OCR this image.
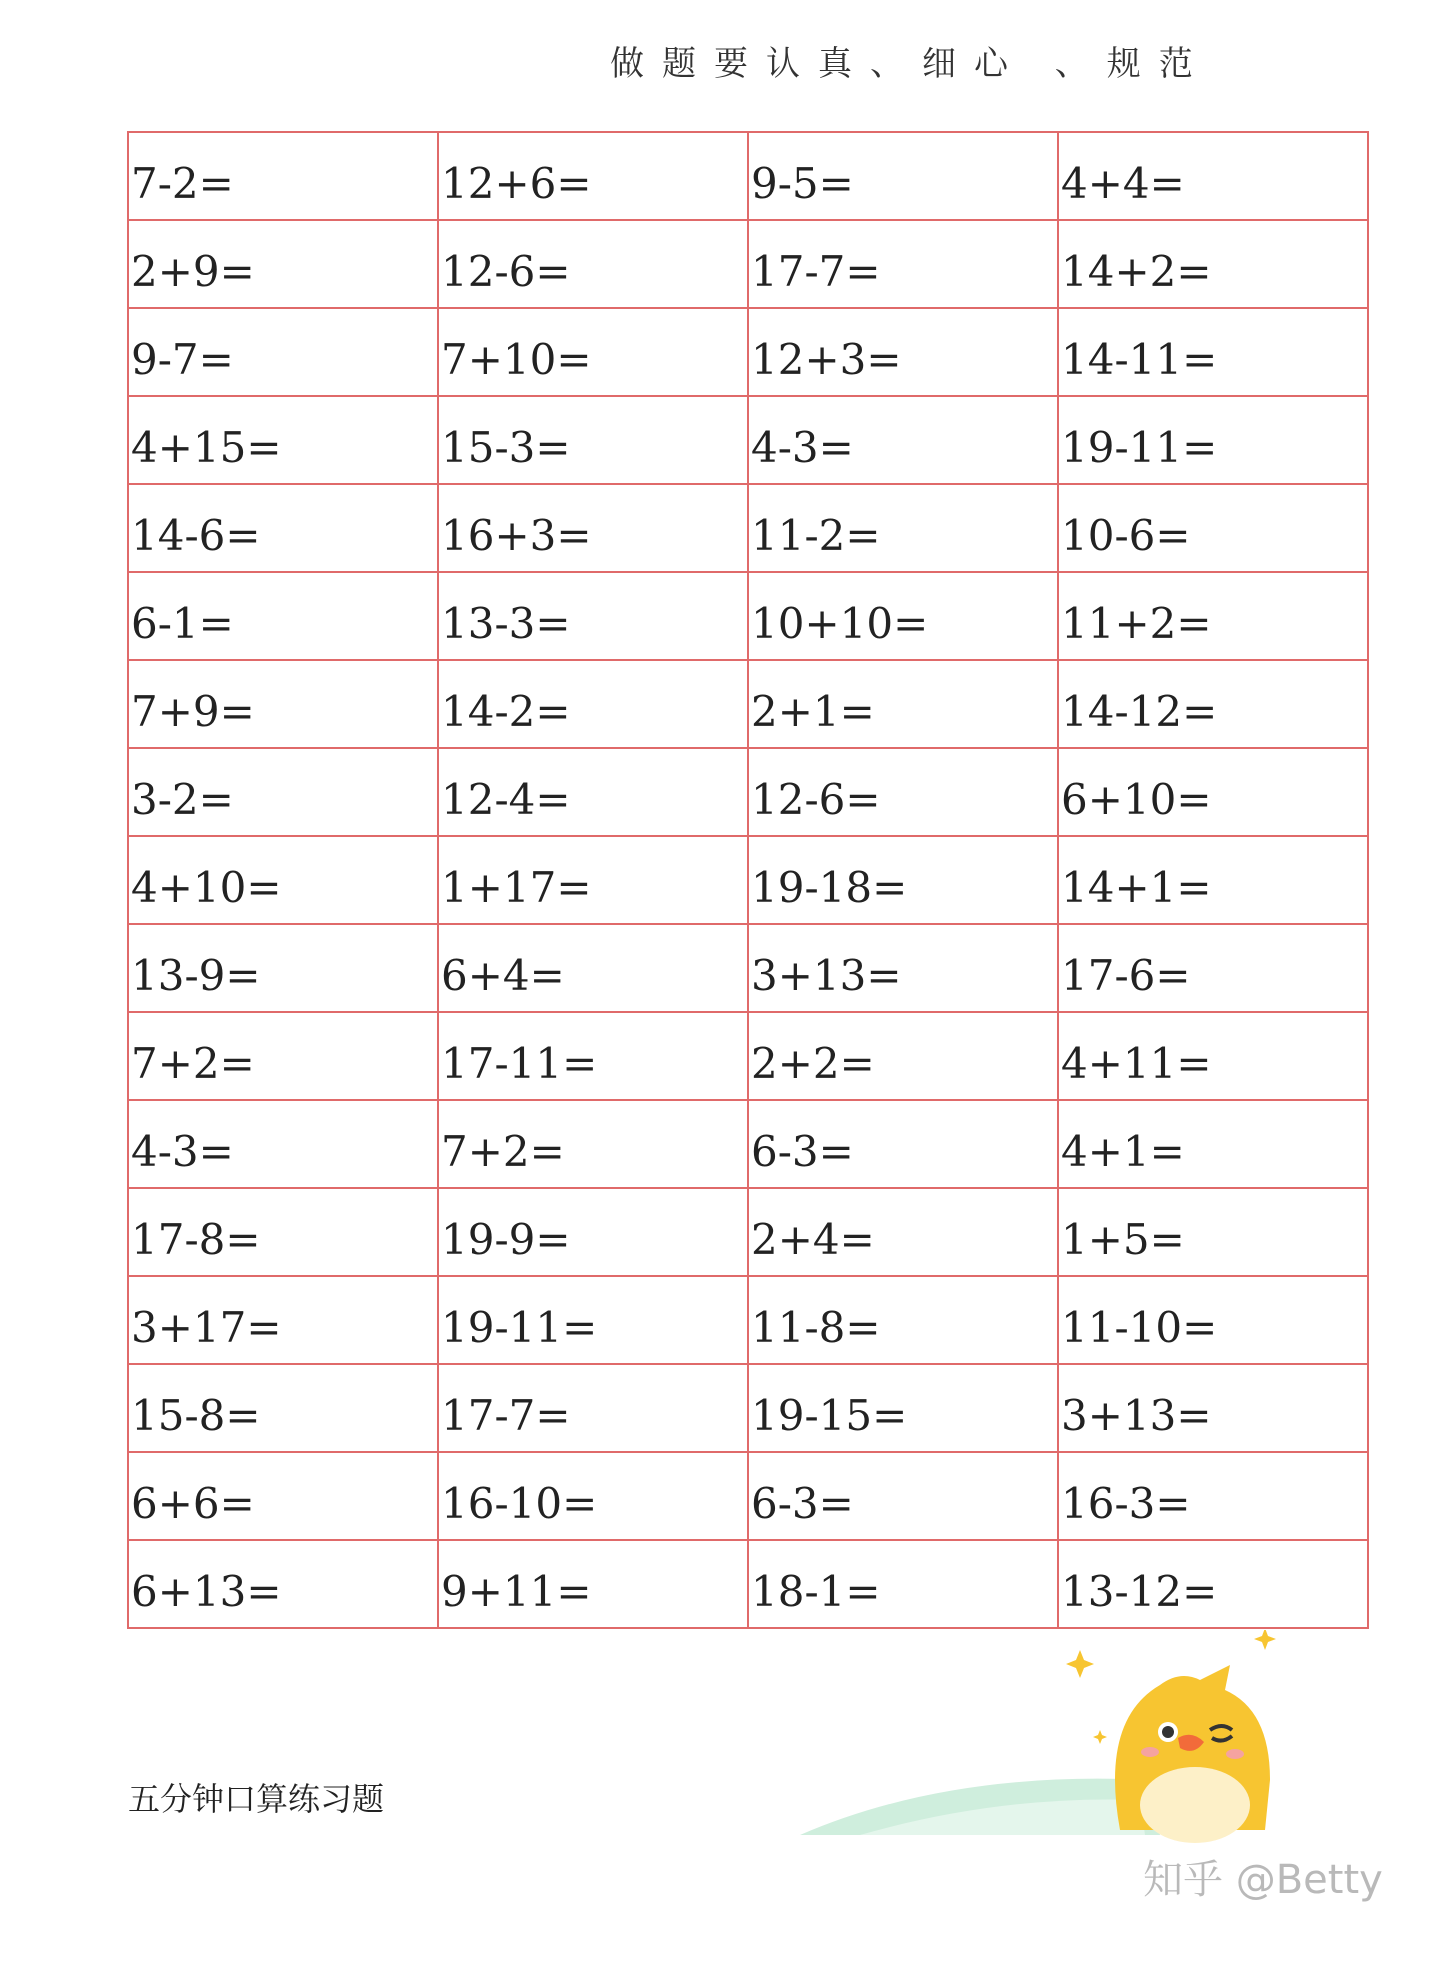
做题要认真、细心 、规范
7-2=	12+6=	9-5=	4+4=
2+9=	12-6=	17-7=	14+2=
9-7=	7+10=	12+3=	14-11=
4+15=	15-3=	4-3=	19-11=
14-6=	16+3=	11-2=	10-6=
6-1=	13-3=	10+10=	11+2=
7+9=	14-2=	2+1=	14-12=
3-2=	12-4=	12-6=	6+10=
4+10=	1+17=	19-18=	14+1=
13-9=	6+4=	3+13=	17-6=
7+2=	17-11=	2+2=	4+11=
4-3=	7+2=	6-3=	4+1=
17-8=	19-9=	2+4=	1+5=
3+17=	19-11=	11-8=	11-10=
15-8=	17-7=	19-15=	3+13=
6+6=	16-10=	6-3=	16-3=
6+13=	9+11=	18-1=	13-12=
五分钟口算练习题
知乎 @Betty
